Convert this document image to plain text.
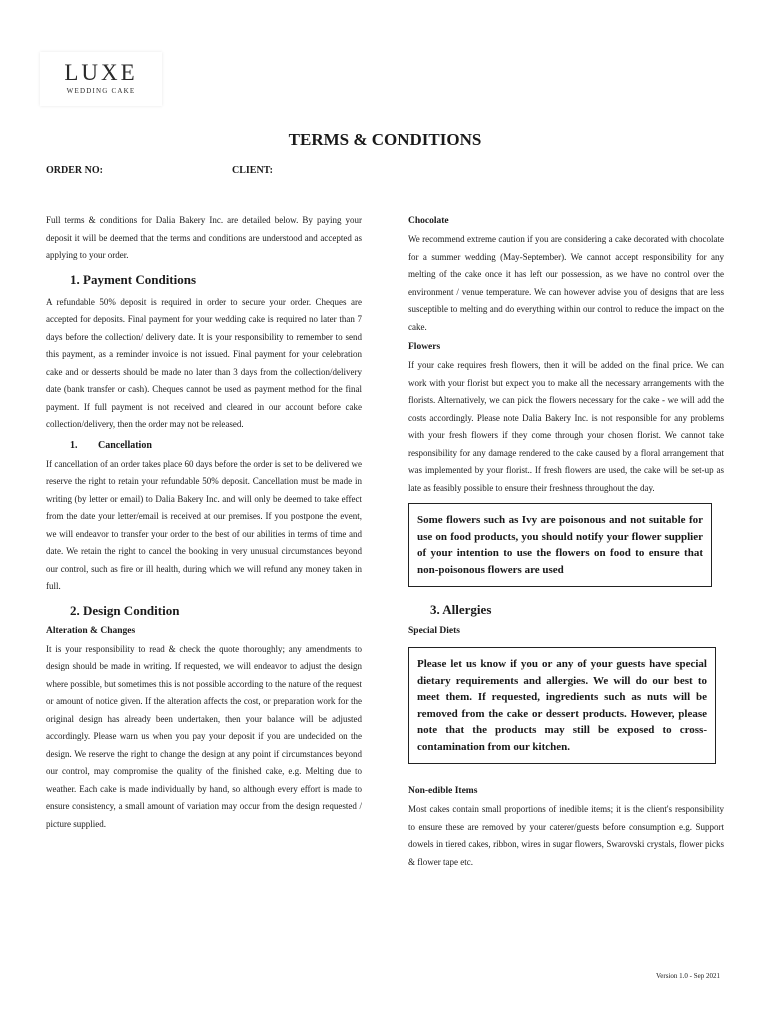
LUXE
WEDDING CAKE
TERMS & CONDITIONS
ORDER NO:	CLIENT:

Full terms & conditions for Dalia Bakery Inc. are detailed below. By paying your deposit it will be deemed that the terms and conditions are understood and accepted as applying to your order.

1. Payment Conditions

A refundable 50% deposit is required in order to secure your order. Cheques are accepted for deposits. Final payment for your wedding cake is required no later than 7 days before the collection/ delivery date. It is your responsibility to remember to send this payment, as a reminder invoice is not issued. Final payment for your celebration cake and or desserts should be made no later than 3 days from the collection/delivery date (bank transfer or cash). Cheques cannot be used as payment method for the final payment. If full payment is not received and cleared in our account before cake collection/delivery, then the order may not be released.

1.	Cancellation

If cancellation of an order takes place 60 days before the order is set to be delivered we reserve the right to retain your refundable 50% deposit. Cancellation must be made in writing (by letter or email) to Dalia Bakery Inc. and will only be deemed to take effect from the date your letter/email is received at our premises. If you postpone the event, we will endeavor to transfer your order to the best of our abilities in terms of time and date. We retain the right to cancel the booking in very unusual circumstances beyond our control, such as fire or ill health, during which we will refund any money taken in full.

2. Design Condition
Alteration & Changes

It is your responsibility to read & check the quote thoroughly; any amendments to design should be made in writing. If requested, we will endeavor to adjust the design where possible, but sometimes this is not possible according to the nature of the request or amount of notice given. If the alteration affects the cost, or preparation work for the original design has already been undertaken, then your balance will be adjusted accordingly. Please warn us when you pay your deposit if you are undecided on the design. We reserve the right to change the design at any point if circumstances beyond our control, may compromise the quality of the finished cake, e.g. Melting due to weather. Each cake is made individually by hand, so although every effort is made to ensure consistency, a small amount of variation may occur from the design requested / picture supplied.

Chocolate

We recommend extreme caution if you are considering a cake decorated with chocolate for a summer wedding (May-September). We cannot accept responsibility for any melting of the cake once it has left our possession, as we have no control over the environment / venue temperature. We can however advise you of designs that are less susceptible to melting and do everything within our control to reduce the impact on the cake.

Flowers

If your cake requires fresh flowers, then it will be added on the final price. We can work with your florist but expect you to make all the necessary arrangements with the florists. Alternatively, we can pick the flowers necessary for the cake - we will add the costs accordingly. Please note Dalia Bakery Inc. is not responsible for any problems with your fresh flowers if they come through your chosen florist. We cannot take responsibility for any damage rendered to the cake caused by a floral arrangement that was implemented by your florist.. If fresh flowers are used, the cake will be set-up as late as feasibly possible to ensure their freshness throughout the day.

Some flowers such as Ivy are poisonous and not suitable for use on food products, you should notify your flower supplier of your intention to use the flowers on food to ensure that non-poisonous flowers are used
3. Allergies
Special Diets
Please let us know if you or any of your guests have special dietary requirements and allergies. We will do our best to meet them. If requested, ingredients such as nuts will be removed from the cake or dessert products. However, please note that the products may still be exposed to cross-contamination from our kitchen.
Non-edible Items

Most cakes contain small proportions of inedible items; it is the client's responsibility to ensure these are removed by your caterer/guests before consumption e.g. Support dowels in tiered cakes, ribbon, wires in sugar flowers, Swarovski crystals, flower picks & flower tape etc.

Version 1.0 - Sep 2021
